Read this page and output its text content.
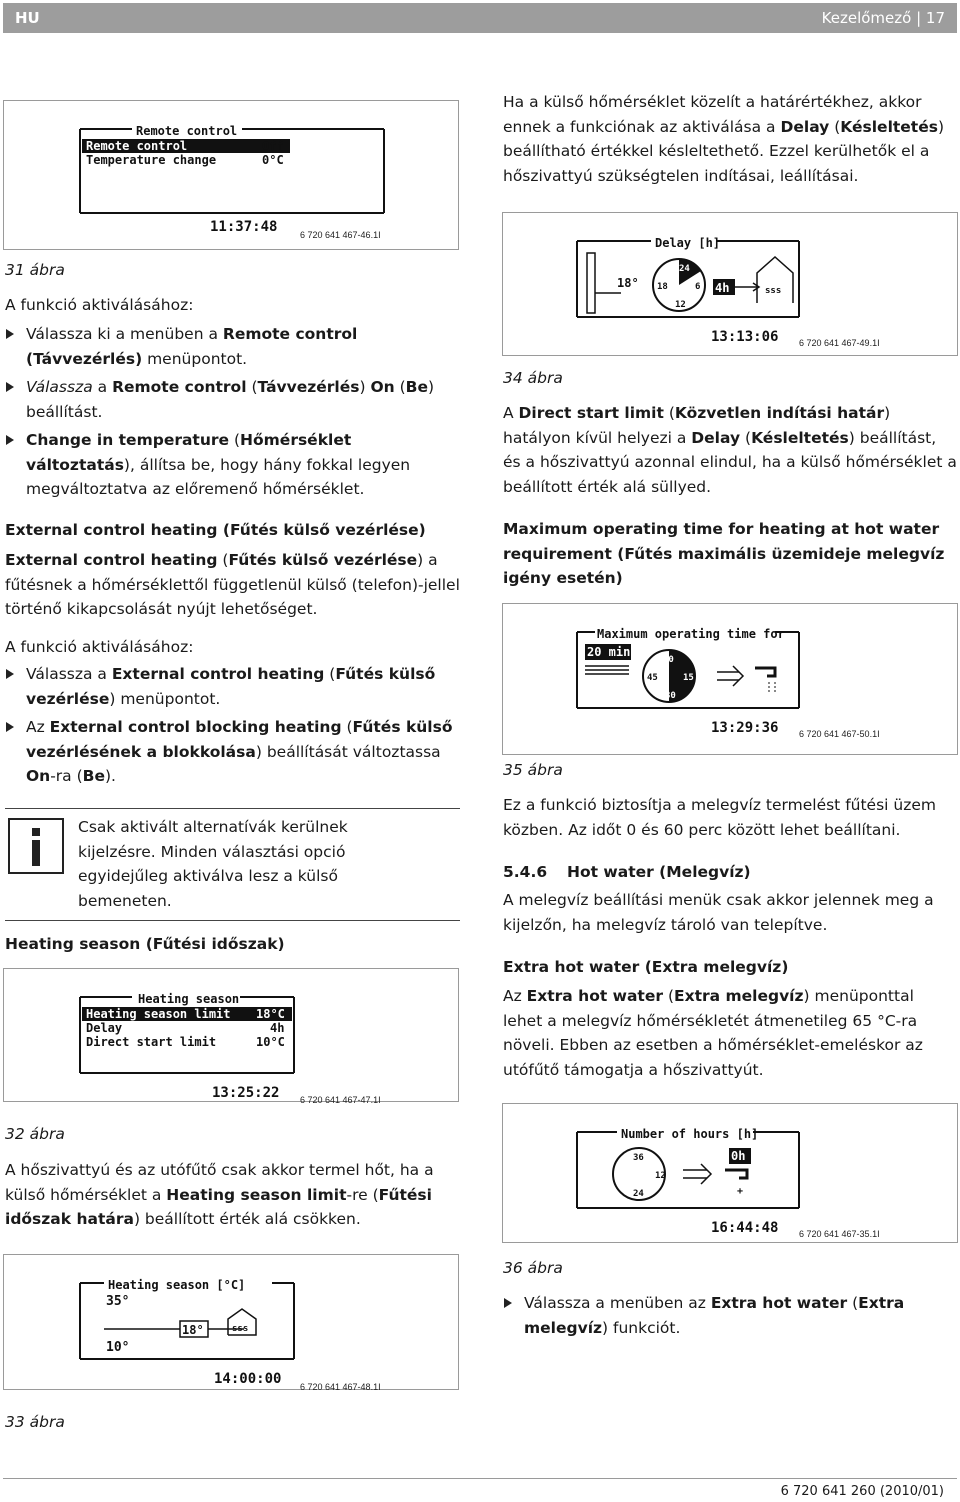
HU	Kezelőmező | 17
Remote control
Remote control	Off
Temperature change	0°C
11:37:48	6 720 641 467-46.1I
31 ábra
A funkció aktiválásához:
Válassza ki a menüben a Remote control
(Távvezérlés) menüpontot.
Válassza a Remote control (Távvezérlés) On (Be)
beállítást.
Change in temperature (Hőmérséklet változtatás), állítsa be, hogy hány fokkal legyen megváltoztatva az előremenő hőmérséklet.
External control heating (Fűtés külső vezérlése)
External control heating (Fűtés külső vezérlése) a fűtésnek a hőmérséklettől függetlenül külső (telefon)-jellel történő kikapcsolását nyújt lehetőséget.
A funkció aktiválásához:
Válassza a External control heating (Fűtés külső vezérlése) menüpontot.
Az External control blocking heating (Fűtés külső vezérlésének a blokkolása) beállítását változtassa On-ra (Be).
Csak aktivált alternatívák kerülnek kijelzésre. Minden választási opció egyidejűleg aktiválva lesz a külső bemeneten.
Heating season (Fűtési időszak)
Heating season
Heating season limit 18°C
Delay	4h
Direct start limit	10°C
13:25:22 6 720 641 467-47.1I
32 ábra
A hőszivattyú és az utófűtő csak akkor termel hőt, ha a külső hőmérséklet a Heating season limit-re (Fűtési időszak határa) beállított érték alá csökken.
Heating season [°C]
35°
10°
18°	sss
14:00:00 6 720 641 467-48.1I
33 ábra
Ha a külső hőmérséklet közelít a határértékhez, akkor ennek a funkciónak az aktiválása a Delay (Késleltetés) beállítható értékkel késleltethető. Ezzel kerülhetők el a hőszivattyú szükségtelen indításai, leállításai.
Delay [h]
18°
24
18	6
12
4h	sss
13:13:06 6 720 641 467-49.1I
34 ábra
A Direct start limit (Közvetlen indítási határ) hatályon kívül helyezi a Delay (Késleltetés) beállítást, és a hőszivattyú azonnal elindul, ha a külső hőmérséklet a beállított érték alá süllyed.
Maximum operating time for heating at hot water requirement (Fűtés maximális üzemideje melegvíz igény esetén)
Maximum operating time for
20 min
60
45	15
30
13:29:36 6 720 641 467-50.1I
35 ábra
Ez a funkció biztosítja a melegvíz termelést fűtési üzem közben. Az időt 0 és 60 perc között lehet beállítani.
5.4.6 Hot water (Melegvíz)
A melegvíz beállítási menük csak akkor jelennek meg a kijelzőn, ha melegvíz tároló van telepítve.
Extra hot water (Extra melegvíz)
Az Extra hot water (Extra melegvíz) menüponttal lehet a melegvíz hőmérsékletét átmenetileg 65 °C-ra növeli. Ebben az esetben a hőmérséklet-emeléskor az utófűtő támogatja a hőszivattyút.
Number of hours [h]
36
12
24
0h
+
16:44:48 6 720 641 467-35.1I
36 ábra
Válassza a menüben az Extra hot water (Extra melegvíz) funkciót.
6 720 641 260 (2010/01)
